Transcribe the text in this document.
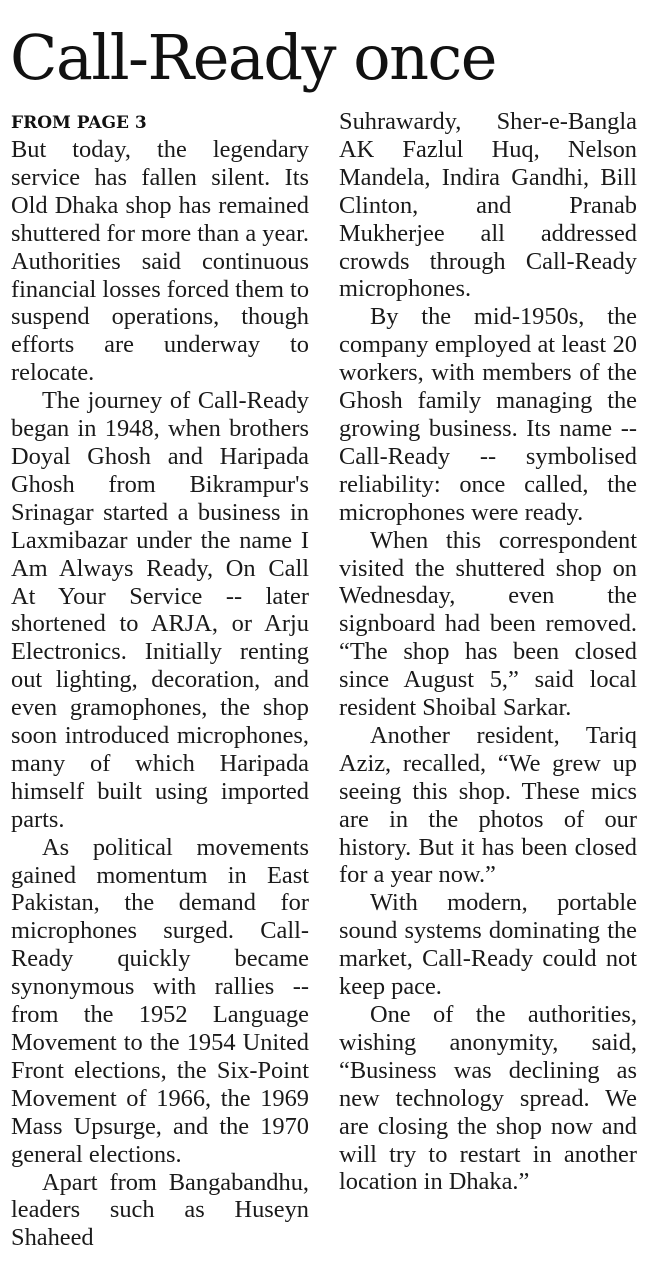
Call-Ready once
FROM PAGE 3

But today, the legendary service has fallen silent. Its Old Dhaka shop has remained shuttered for more than a year. Authorities said continuous financial losses forced them to suspend operations, though efforts are underway to relocate.

The journey of Call-Ready began in 1948, when brothers Doyal Ghosh and Haripada Ghosh from Bikrampur's Srinagar started a business in Laxmibazar under the name I Am Always Ready, On Call At Your Service -- later shortened to ARJA, or Arju Electronics. Initially renting out lighting, decoration, and even gramophones, the shop soon introduced microphones, many of which Haripada himself built using imported parts.

As political movements gained momentum in East Pakistan, the demand for microphones surged. Call-Ready quickly became synonymous with rallies -- from the 1952 Language Movement to the 1954 United Front elections, the Six-Point Movement of 1966, the 1969 Mass Upsurge, and the 1970 general elections.

Apart from Bangabandhu, leaders such as Huseyn Shaheed

Suhrawardy, Sher-e-Bangla AK Fazlul Huq, Nelson Mandela, Indira Gandhi, Bill Clinton, and Pranab Mukherjee all addressed crowds through Call-Ready microphones.

By the mid-1950s, the company employed at least 20 workers, with members of the Ghosh family managing the growing business. Its name -- Call-Ready -- symbolised reliability: once called, the microphones were ready.

When this correspondent visited the shuttered shop on Wednesday, even the signboard had been removed. “The shop has been closed since August 5,” said local resident Shoibal Sarkar.

Another resident, Tariq Aziz, recalled, “We grew up seeing this shop. These mics are in the photos of our history. But it has been closed for a year now.”

With modern, portable sound systems dominating the market, Call-Ready could not keep pace.

One of the authorities, wishing anonymity, said, “Business was declining as new technology spread. We are closing the shop now and will try to restart in another location in Dhaka.”
